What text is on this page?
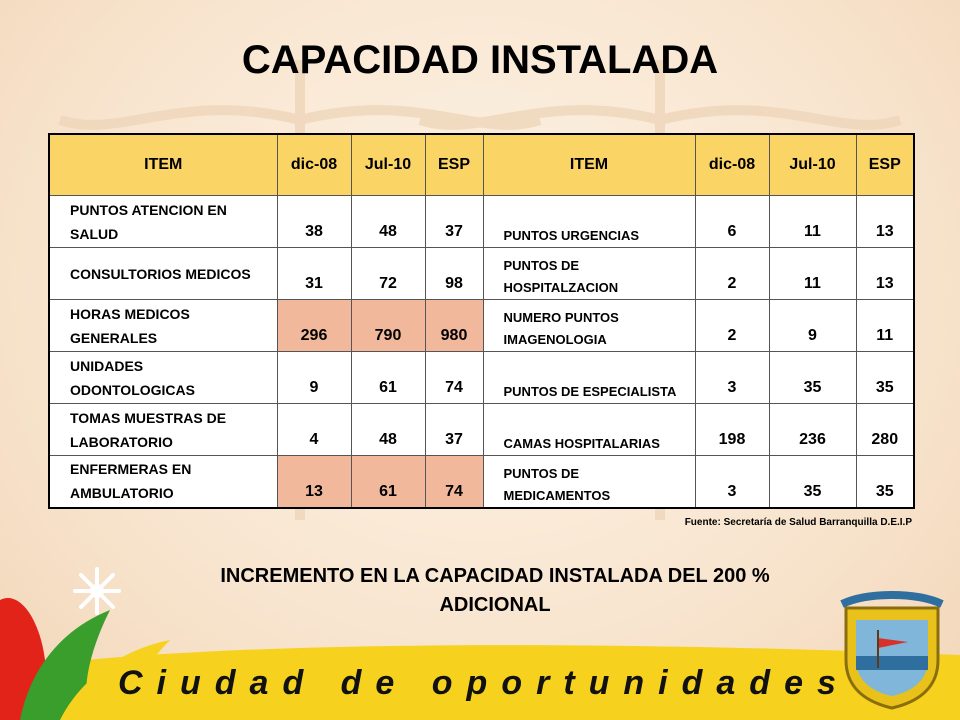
CAPACIDAD INSTALADA
ITEM	dic-08	Jul-10	ESP	ITEM	dic-08	Jul-10	ESP
PUNTOS ATENCION EN SALUD	38	48	37	PUNTOS URGENCIAS	6	11	13
CONSULTORIOS MEDICOS	31	72	98	PUNTOS DE HOSPITALZACION	2	11	13
HORAS MEDICOS GENERALES	296	790	980	NUMERO PUNTOS IMAGENOLOGIA	2	9	11
UNIDADES ODONTOLOGICAS	9	61	74	PUNTOS DE ESPECIALISTA	3	35	35
TOMAS MUESTRAS DE LABORATORIO	4	48	37	CAMAS HOSPITALARIAS	198	236	280
ENFERMERAS EN AMBULATORIO	13	61	74	PUNTOS DE MEDICAMENTOS	3	35	35
Fuente: Secretaría de Salud Barranquilla D.E.I.P
INCREMENTO EN LA CAPACIDAD INSTALADA DEL 200 %
ADICIONAL
Ciudad de oportunidades
